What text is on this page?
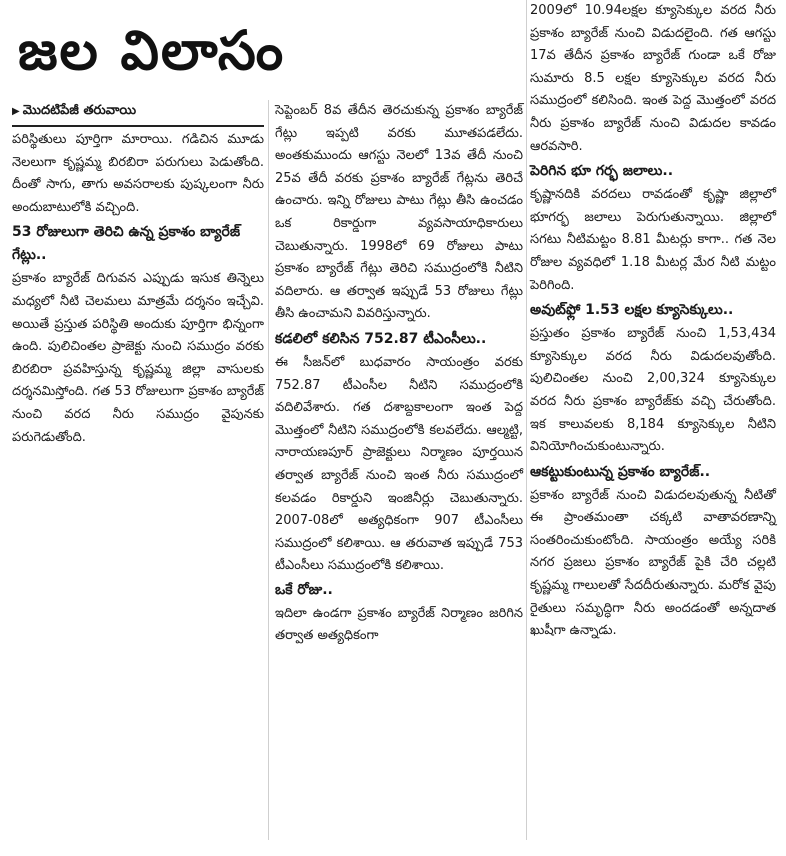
జల విలాసం
▶ మొదటిపేజీ తరువాయి

పరిస్థితులు పూర్తిగా మారాయి. గడిచిన మూడు నెలలుగా కృష్ణమ్మ బిరబిరా పరుగులు పెడుతోంది. దీంతో సాగు, తాగు అవసరాలకు పుష్కలంగా నీరు అందుబాటులోకి వచ్చింది.

53 రోజులుగా తెరిచి ఉన్న ప్రకాశం బ్యారేజ్ గేట్లు..

ప్రకాశం బ్యారేజ్ దిగువన ఎప్పుడు ఇసుక తిన్నెలు మధ్యలో నీటి చెలమలు మాత్రమే దర్శనం ఇచ్చేవి. అయితే ప్రస్తుత పరిస్థితి అందుకు పూర్తిగా భిన్నంగా ఉంది. పులిచింతల ప్రాజెక్టు నుంచి సముద్రం వరకు బిరబిరా ప్రవహిస్తున్న కృష్ణమ్మ జిల్లా వాసులకు దర్శనమిస్తోంది. గత 53 రోజులుగా ప్రకాశం బ్యారేజ్ నుంచి వరద నీరు సముద్రం వైపునకు పరుగెడుతోంది.

సెప్టెంబర్ 8వ తేదీన తెరచుకున్న ప్రకాశం బ్యారేజ్ గేట్లు ఇప్పటి వరకు మూతపడలేదు. అంతకుముందు ఆగస్టు నెలలో 13వ తేదీ నుంచి 25వ తేదీ వరకు ప్రకాశం బ్యారేజ్ గేట్లను తెరిచే ఉంచారు. ఇన్ని రోజులు పాటు గేట్లు తీసి ఉంచడం ఒక రికార్డుగా వ్యవసాయాధికారులు చెబుతున్నారు. 1998లో 69 రోజులు పాటు ప్రకాశం బ్యారేజ్ గేట్లు తెరిచి సముద్రంలోకి నీటిని వదిలారు. ఆ తర్వాత ఇప్పుడే 53 రోజులు గేట్లు తీసి ఉంచామని వివరిస్తున్నారు.

కడలిలో కలిసిన 752.87 టీఎంసీలు..

ఈ సీజన్‌లో బుధవారం సాయంత్రం వరకు 752.87 టీఎంసీల నీటిని సముద్రంలోకి వదిలివేశారు. గత దశాబ్దకాలంగా ఇంత పెద్ద మొత్తంలో నీటిని సముద్రంలోకి కలవలేదు. ఆల్మట్టి, నారాయణపూర్ ప్రాజెక్టులు నిర్మాణం పూర్తయిన తర్వాత బ్యారేజ్ నుంచి ఇంత నీరు సముద్రంలో కలవడం రికార్డుని ఇంజినీర్లు చెబుతున్నారు. 2007-08లో అత్యధికంగా 907 టీఎంసీలు సముద్రంలో కలిశాయి. ఆ తరువాత ఇప్పుడే 753 టీఎంసీలు సముద్రంలోకి కలిశాయి.

ఒకే రోజు..

ఇదిలా ఉండగా ప్రకాశం బ్యారేజ్ నిర్మాణం జరిగిన తర్వాత అత్యధికంగా

2009లో 10.94లక్షల క్యూసెక్కుల వరద నీరు ప్రకాశం బ్యారేజ్ నుంచి విడుదలైంది. గత ఆగస్టు 17వ తేదీన ప్రకాశం బ్యారేజ్ గుండా ఒకే రోజు సుమారు 8.5 లక్షల క్యూసెక్కుల వరద నీరు సముద్రంలో కలిసింది. ఇంత పెద్ద మొత్తంలో వరద నీరు ప్రకాశం బ్యారేజ్ నుంచి విడుదల కావడం ఆరవసారి.

పెరిగిన భూ గర్భ జలాలు..

కృష్ణానదికి వరదలు రావడంతో కృష్ణా జిల్లాలో భూగర్భ జలాలు పెరుగుతున్నాయి. జిల్లాలో సగటు నీటిమట్టం 8.81 మీటర్లు కాగా.. గత నెల రోజుల వ్యవధిలో 1.18 మీటర్ల మేర నీటి మట్టం పెరిగింది.

అవుట్‌ఫ్లో 1.53 లక్షల క్యూసెక్కులు..

ప్రస్తుతం ప్రకాశం బ్యారేజ్ నుంచి 1,53,434 క్యూసెక్కుల వరద నీరు విడుదలవుతోంది. పులిచింతల నుంచి 2,00,324 క్యూసెక్కుల వరద నీరు ప్రకాశం బ్యారేజ్‌కు వచ్చి చేరుతోంది. ఇక కాలువలకు 8,184 క్యూసెక్కుల నీటిని వినియోగించుకుంటున్నారు.

ఆకట్టుకుంటున్న ప్రకాశం బ్యారేజ్..

ప్రకాశం బ్యారేజ్ నుంచి విడుదలవుతున్న నీటితో ఈ ప్రాంతమంతా చక్కటి వాతావరణాన్ని సంతరించుకుంటోంది. సాయంత్రం అయ్యే సరికి నగర ప్రజలు ప్రకాశం బ్యారేజ్ పైకి చేరి చల్లటి కృష్ణమ్మ గాలులతో సేదదీరుతున్నారు. మరోక వైపు రైతులు సమృద్ధిగా నీరు అందడంతో అన్నదాత ఖుషీగా ఉన్నాడు.
